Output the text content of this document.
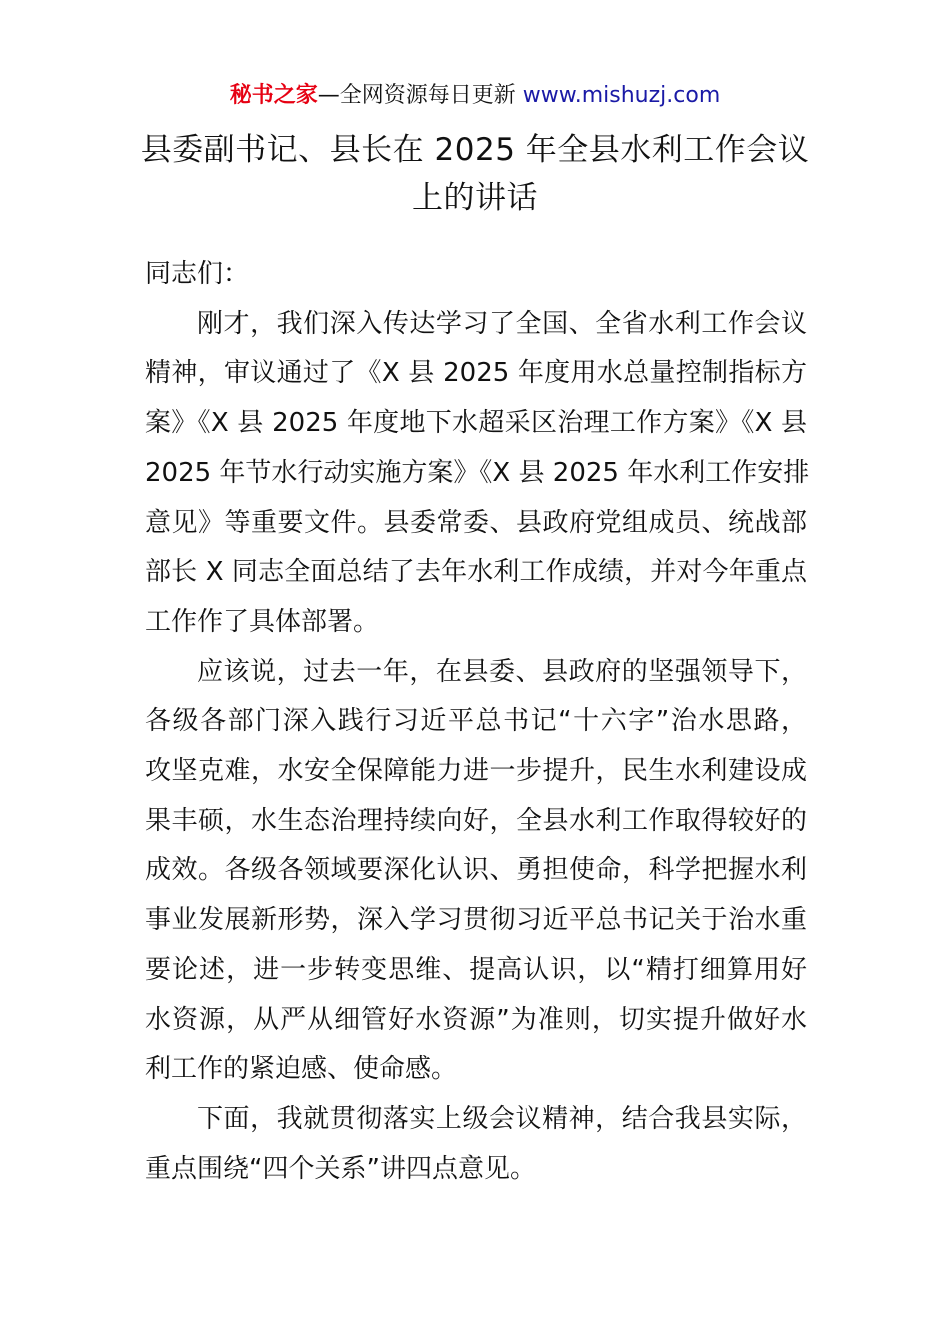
秘书之家—全网资源每日更新 www.mishuzj.com
县委副书记、县长在 2025 年全县水利工作会议
上的讲话

同志们：

刚才，我们深入传达学习了全国、全省水利工作会议
精神，审议通过了《X 县 2025 年度用水总量控制指标方
案》《X 县 2025 年度地下水超采区治理工作方案》《X 县
2025 年节水行动实施方案》《X 县 2025 年水利工作安排
意见》等重要文件。县委常委、县政府党组成员、统战部
部长 X 同志全面总结了去年水利工作成绩，并对今年重点
工作作了具体部署。

应该说，过去一年，在县委、县政府的坚强领导下，
各级各部门深入践行习近平总书记“十六字”治水思路，
攻坚克难，水安全保障能力进一步提升，民生水利建设成
果丰硕，水生态治理持续向好，全县水利工作取得较好的
成效。各级各领域要深化认识、勇担使命，科学把握水利
事业发展新形势，深入学习贯彻习近平总书记关于治水重
要论述，进一步转变思维、提高认识，以“精打细算用好
水资源，从严从细管好水资源”为准则，切实提升做好水
利工作的紧迫感、使命感。

下面，我就贯彻落实上级会议精神，结合我县实际，
重点围绕“四个关系”讲四点意见。
